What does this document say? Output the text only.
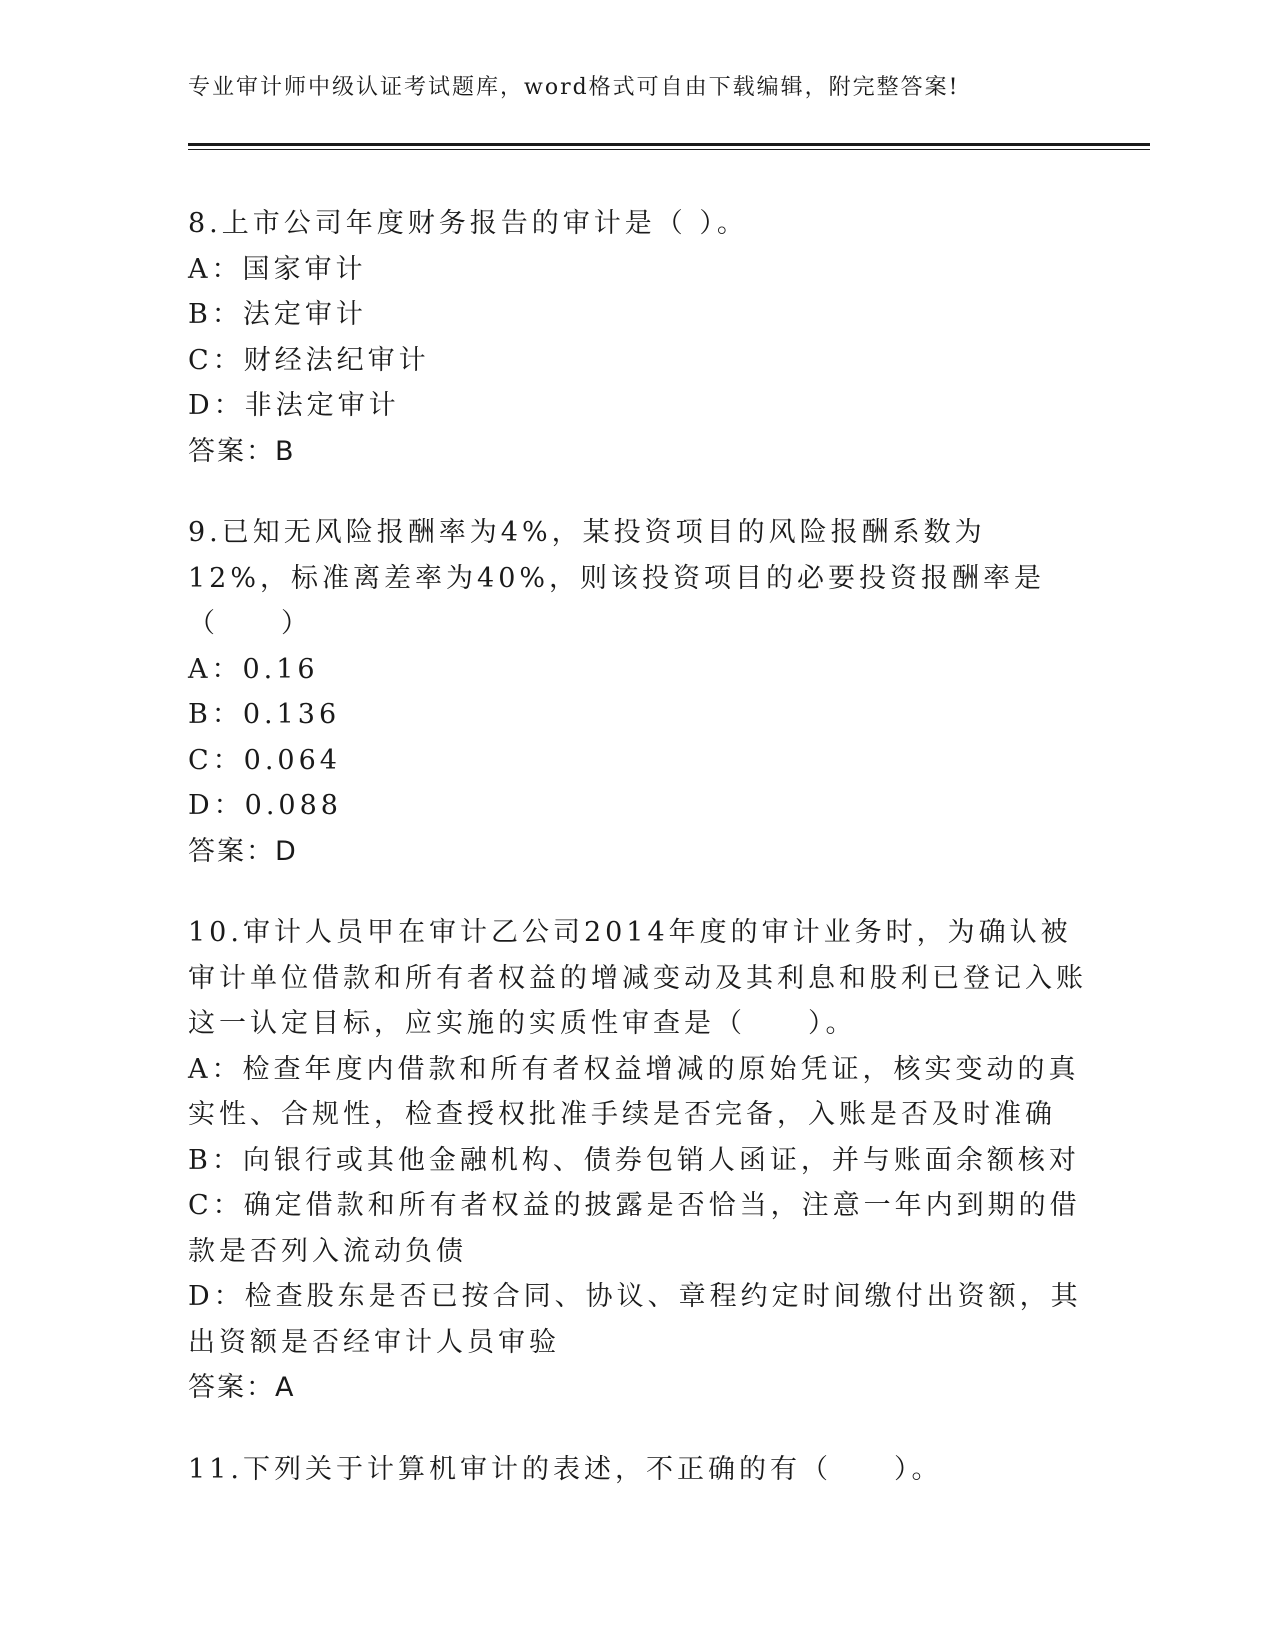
专业审计师中级认证考试题库，word格式可自由下载编辑，附完整答案!

8.上市公司年度财务报告的审计是（ ）。

A：国家审计

B：法定审计

C：财经法纪审计

D：非法定审计

答案：B

9.已知无风险报酬率为4%，某投资项目的风险报酬系数为12%，标准离差率为40%，则该投资项目的必要投资报酬率是（　　）

A：0.16

B：0.136

C：0.064

D：0.088

答案：D

10.审计人员甲在审计乙公司2014年度的审计业务时，为确认被审计单位借款和所有者权益的增减变动及其利息和股利已登记入账这一认定目标，应实施的实质性审查是（　　）。

A：检查年度内借款和所有者权益增减的原始凭证，核实变动的真实性、合规性，检查授权批准手续是否完备，入账是否及时准确

B：向银行或其他金融机构、债券包销人函证，并与账面余额核对

C：确定借款和所有者权益的披露是否恰当，注意一年内到期的借款是否列入流动负债

D：检查股东是否已按合同、协议、章程约定时间缴付出资额，其出资额是否经审计人员审验

答案：A

11.下列关于计算机审计的表述，不正确的有（　　）。
